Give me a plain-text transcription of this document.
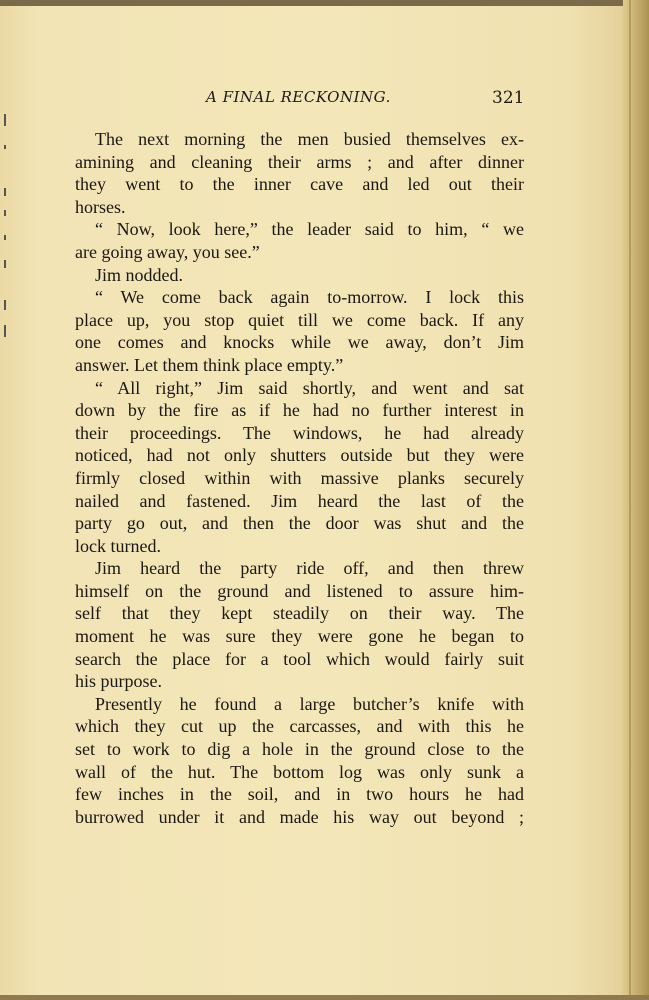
A FINAL RECKONING.	321
The next morning the men busied themselves ex-
amining and cleaning their arms ; and after dinner
they went to the inner cave and led out their
horses.
“ Now, look here,” the leader said to him, “ we
are going away, you see.”
Jim nodded.
“ We come back again to-morrow. I lock this
place up, you stop quiet till we come back. If any
one comes and knocks while we away, don’t Jim
answer. Let them think place empty.”
“ All right,” Jim said shortly, and went and sat
down by the fire as if he had no further interest in
their proceedings. The windows, he had already
noticed, had not only shutters outside but they were
firmly closed within with massive planks securely
nailed and fastened. Jim heard the last of the
party go out, and then the door was shut and the
lock turned.
Jim heard the party ride off, and then threw
himself on the ground and listened to assure him-
self that they kept steadily on their way. The
moment he was sure they were gone he began to
search the place for a tool which would fairly suit
his purpose.
Presently he found a large butcher’s knife with
which they cut up the carcasses, and with this he
set to work to dig a hole in the ground close to the
wall of the hut. The bottom log was only sunk a
few inches in the soil, and in two hours he had
burrowed under it and made his way out beyond ;
